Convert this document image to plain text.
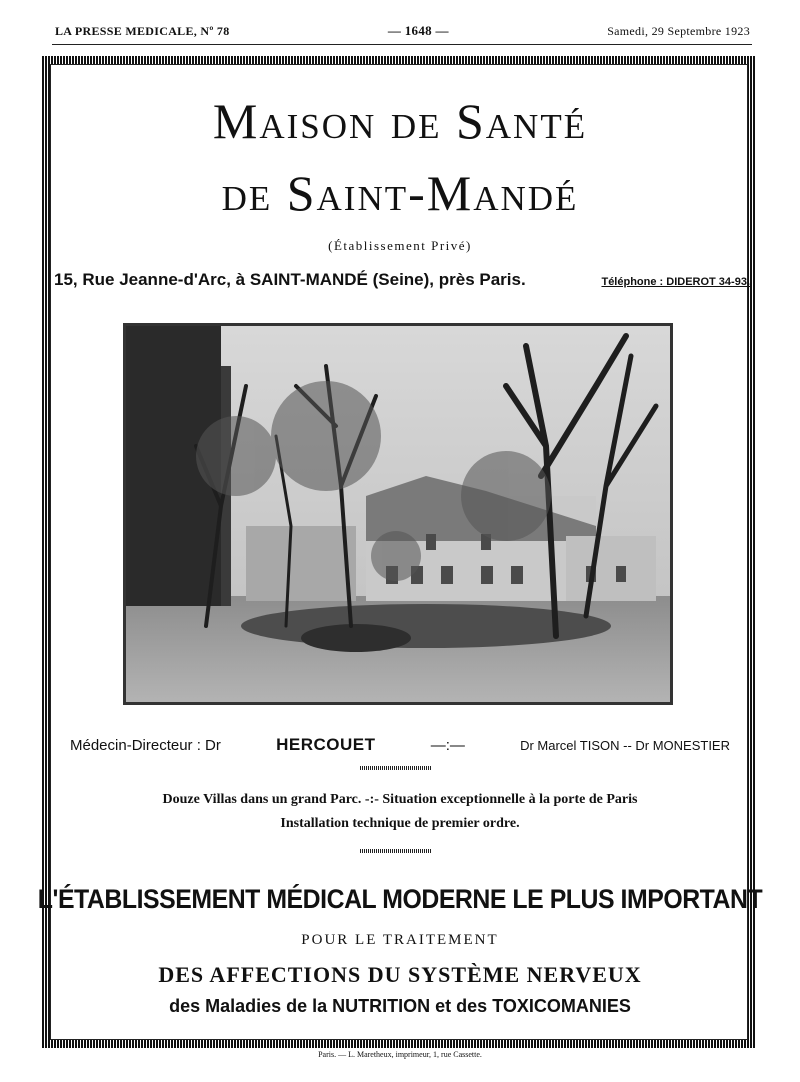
LA PRESSE MEDICALE, Nº 78	— 1648 —	Samedi, 29 Septembre 1923
Maison de Santé
de Saint-Mandé
(Établissement Privé)
15, Rue Jeanne-d'Arc, à SAINT-MANDÉ (Seine), près Paris.	Téléphone : DIDEROT 34-93.
Médecin-Directeur : Dr	HERCOUET	—:—	Dr Marcel TISON -- Dr MONESTIER
Douze Villas dans un grand Parc. -:- Situation exceptionnelle à la porte de Paris
Installation technique de premier ordre.
L'ÉTABLISSEMENT MÉDICAL MODERNE LE PLUS IMPORTANT
POUR LE TRAITEMENT
DES AFFECTIONS DU SYSTÈME NERVEUX
des Maladies de la NUTRITION et des TOXICOMANIES
Paris. — L. Maretheux, imprimeur, 1, rue Cassette.
